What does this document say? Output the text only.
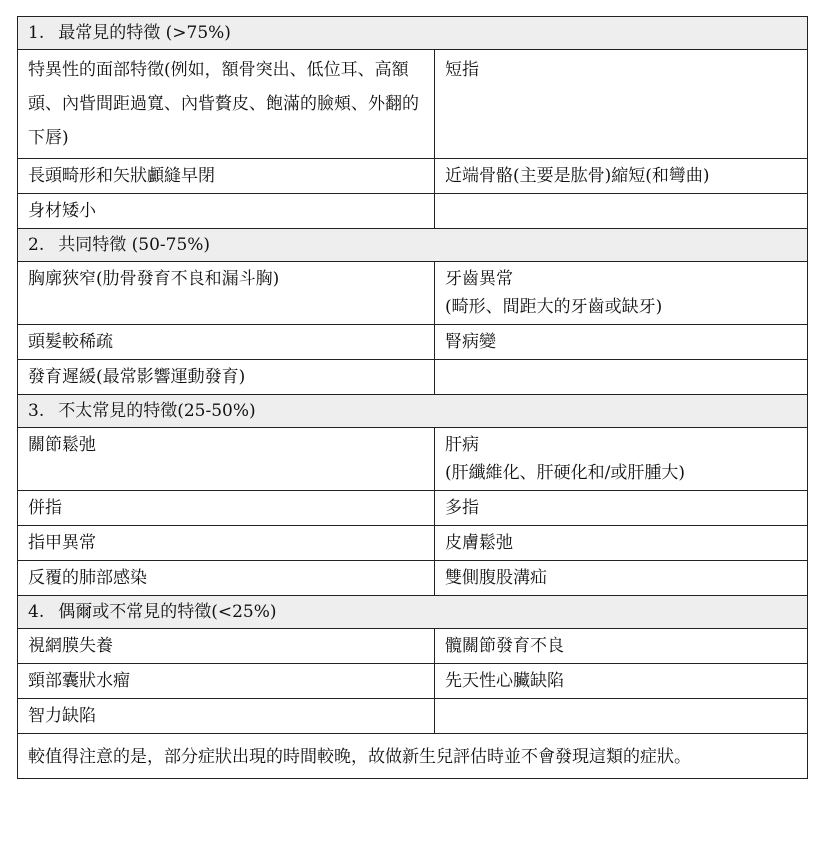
1. 最常見的特徵 (>75%)	
特異性的面部特徵(例如，額骨突出、低位耳、高額頭、內眥間距過寬、內眥贅皮、飽滿的臉頰、外翻的下唇)	短指
長頭畸形和矢狀顱縫早閉	近端骨骼(主要是肱骨)縮短(和彎曲)
身材矮小	
2. 共同特徵 (50-75%)	
胸廓狹窄(肋骨發育不良和漏斗胸)	牙齒異常
(畸形、間距大的牙齒或缺牙)
頭髮較稀疏	腎病變
發育遲緩(最常影響運動發育)	
3. 不太常見的特徵(25-50%)	
關節鬆弛	肝病
(肝纖維化、肝硬化和/或肝腫大)
併指	多指
指甲異常	皮膚鬆弛
反覆的肺部感染	雙側腹股溝疝
4. 偶爾或不常見的特徵(<25%)	
視網膜失養	髖關節發育不良
頸部囊狀水瘤	先天性心臟缺陷
智力缺陷	
較值得注意的是，部分症狀出現的時間較晚，故做新生兒評估時並不會發現這類的症狀。	
